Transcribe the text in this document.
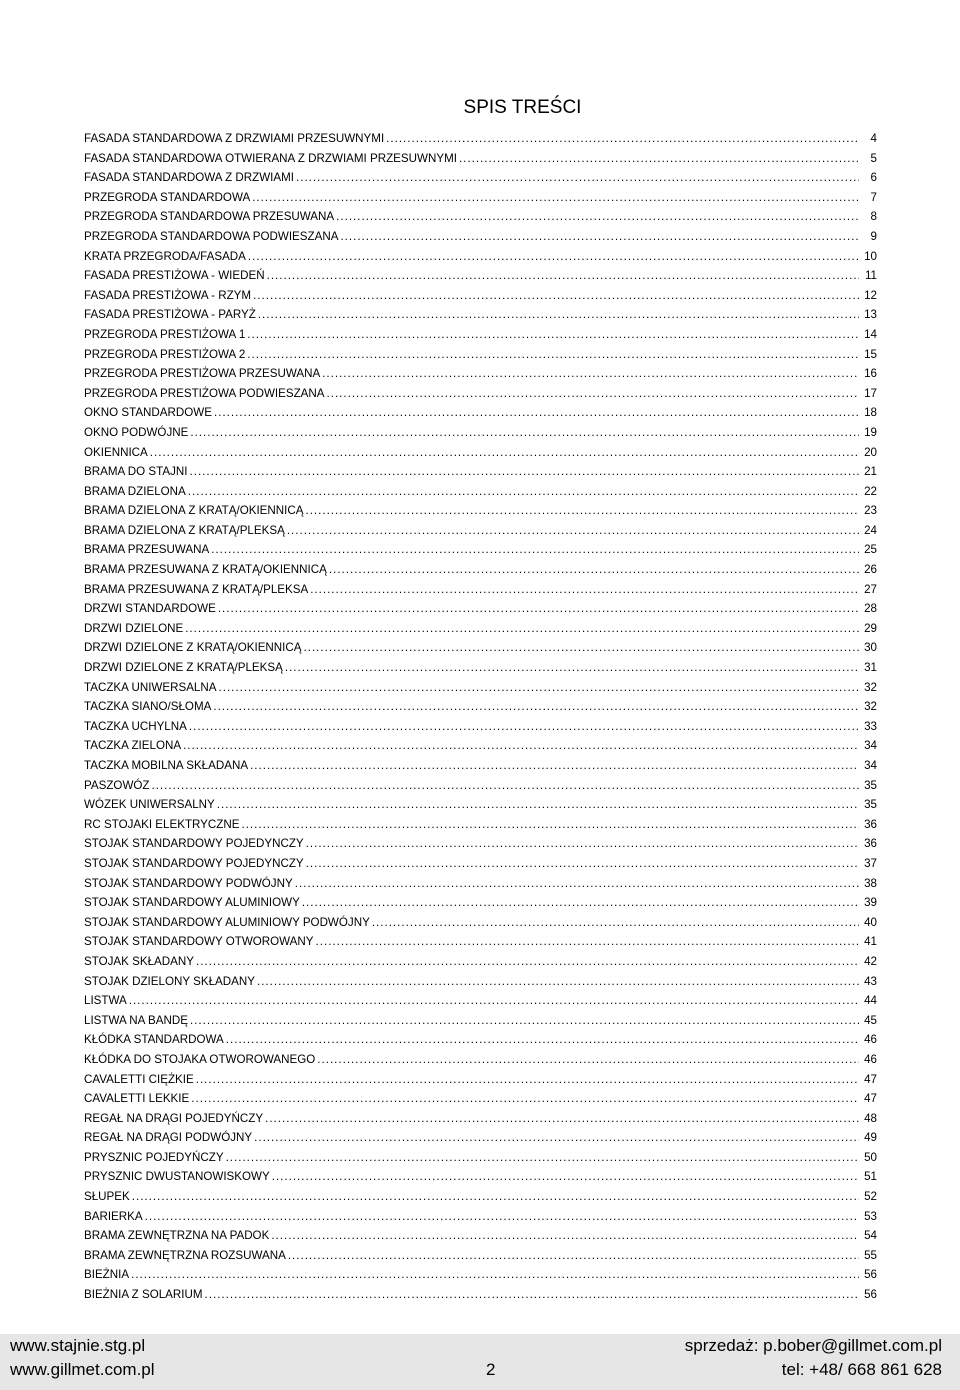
SPIS TREŚCI
FASADA STANDARDOWA Z DRZWIAMI PRZESUWNYMI .....	4
FASADA STANDARDOWA OTWIERANA Z DRZWIAMI PRZESUWNYMI .....	5
FASADA STANDARDOWA Z DRZWIAMI .....	6
PRZEGRODA STANDARDOWA .....	7
PRZEGRODA STANDARDOWA PRZESUWANA .....	8
PRZEGRODA STANDARDOWA PODWIESZANA .....	9
KRATA PRZEGRODA/FASADA .....	10
FASADA PRESTIŻOWA - WIEDEŃ .....	11
FASADA PRESTIŻOWA - RZYM .....	12
FASADA PRESTIŻOWA - PARYŻ .....	13
PRZEGRODA PRESTIŻOWA 1 .....	14
PRZEGRODA PRESTIŻOWA 2 .....	15
PRZEGRODA PRESTIŻOWA PRZESUWANA .....	16
PRZEGRODA PRESTIŻOWA PODWIESZANA .....	17
OKNO STANDARDOWE .....	18
OKNO PODWÓJNE .....	19
OKIENNICA .....	20
BRAMA DO STAJNI .....	21
BRAMA DZIELONA .....	22
BRAMA DZIELONA Z KRATĄ/OKIENNICĄ .....	23
BRAMA DZIELONA Z KRATĄ/PLEKSĄ .....	24
BRAMA PRZESUWANA .....	25
BRAMA PRZESUWANA Z KRATĄ/OKIENNICĄ .....	26
BRAMA PRZESUWANA Z KRATĄ/PLEKSA .....	27
DRZWI STANDARDOWE .....	28
DRZWI DZIELONE .....	29
DRZWI DZIELONE Z KRATĄ/OKIENNICĄ .....	30
DRZWI DZIELONE Z KRATĄ/PLEKSĄ .....	31
TACZKA UNIWERSALNA .....	32
TACZKA SIANO/SŁOMA .....	32
TACZKA UCHYLNA .....	33
TACZKA ZIELONA .....	34
TACZKA MOBILNA SKŁADANA .....	34
PASZOWÓZ .....	35
WÓZEK UNIWERSALNY .....	35
RC STOJAKI ELEKTRYCZNE .....	36
STOJAK STANDARDOWY POJEDYNCZY .....	36
STOJAK STANDARDOWY POJEDYNCZY .....	37
STOJAK STANDARDOWY PODWÓJNY .....	38
STOJAK STANDARDOWY ALUMINIOWY .....	39
STOJAK STANDARDOWY ALUMINIOWY PODWÓJNY .....	40
STOJAK STANDARDOWY OTWOROWANY .....	41
STOJAK SKŁADANY .....	42
STOJAK DZIELONY SKŁADANY .....	43
LISTWA .....	44
LISTWA NA BANDĘ .....	45
KŁÓDKA STANDARDOWA .....	46
KŁÓDKA DO STOJAKA OTWOROWANEGO .....	46
CAVALETTI CIĘŻKIE .....	47
CAVALETTI LEKKIE .....	47
REGAŁ NA DRĄGI POJEDYŃCZY .....	48
REGAŁ NA DRĄGI PODWÓJNY .....	49
PRYSZNIC POJEDYŃCZY .....	50
PRYSZNIC DWUSTANOWISKOWY .....	51
SŁUPEK .....	52
BARIERKA .....	53
BRAMA ZEWNĘTRZNA NA PADOK .....	54
BRAMA ZEWNĘTRZNA ROZSUWANA .....	55
BIEŻNIA .....	56
BIEŻNIA Z SOLARIUM .....	56
www.stajnie.stg.pl
www.gillmet.com.pl	2
sprzedaż: p.bober@gillmet.com.pl
tel: +48/ 668 861 628
